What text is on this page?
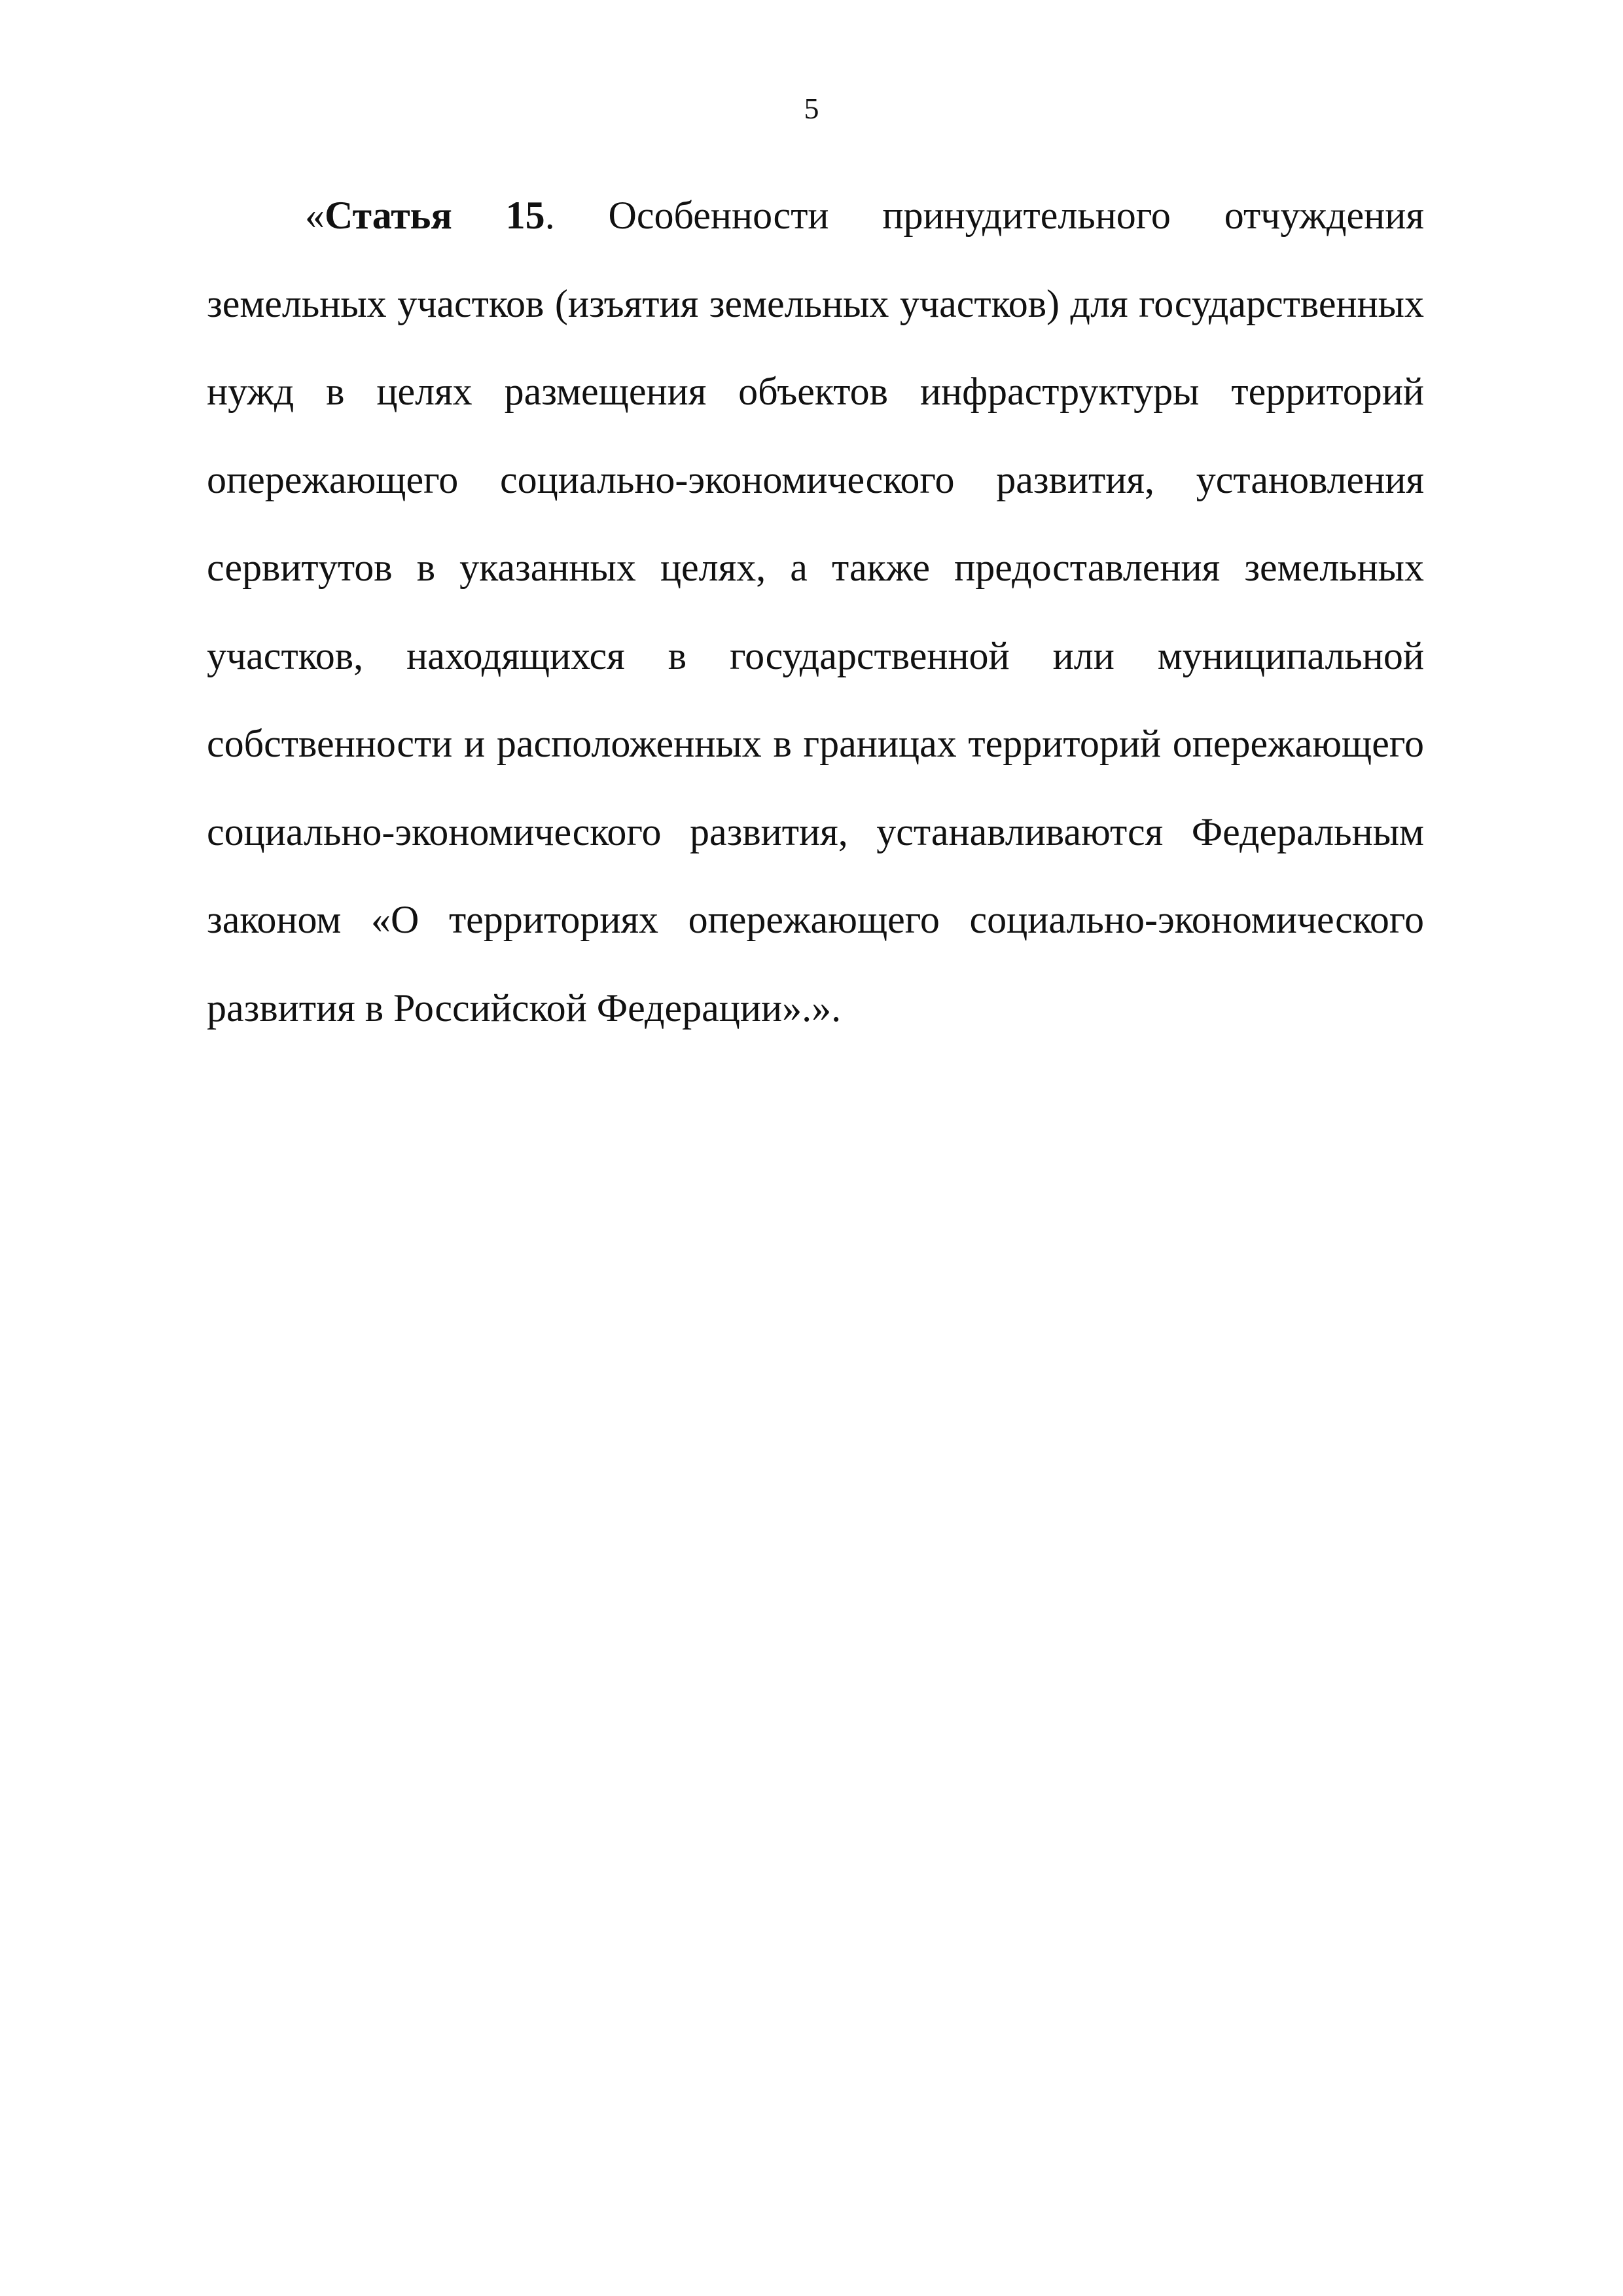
5

«Статья 15. Особенности принудительного отчуждения земельных участков (изъятия земельных участков) для государственных нужд в целях размещения объектов инфраструктуры территорий опережающего социально-экономического развития, установления сервитутов в указанных целях, а также предоставления земельных участков, находящихся в государственной или муниципальной собственности и расположенных в границах территорий опережающего социально-экономического развития, устанавливаются Федеральным законом «О территориях опережающего социально-экономического развития в Российской Федерации».».
